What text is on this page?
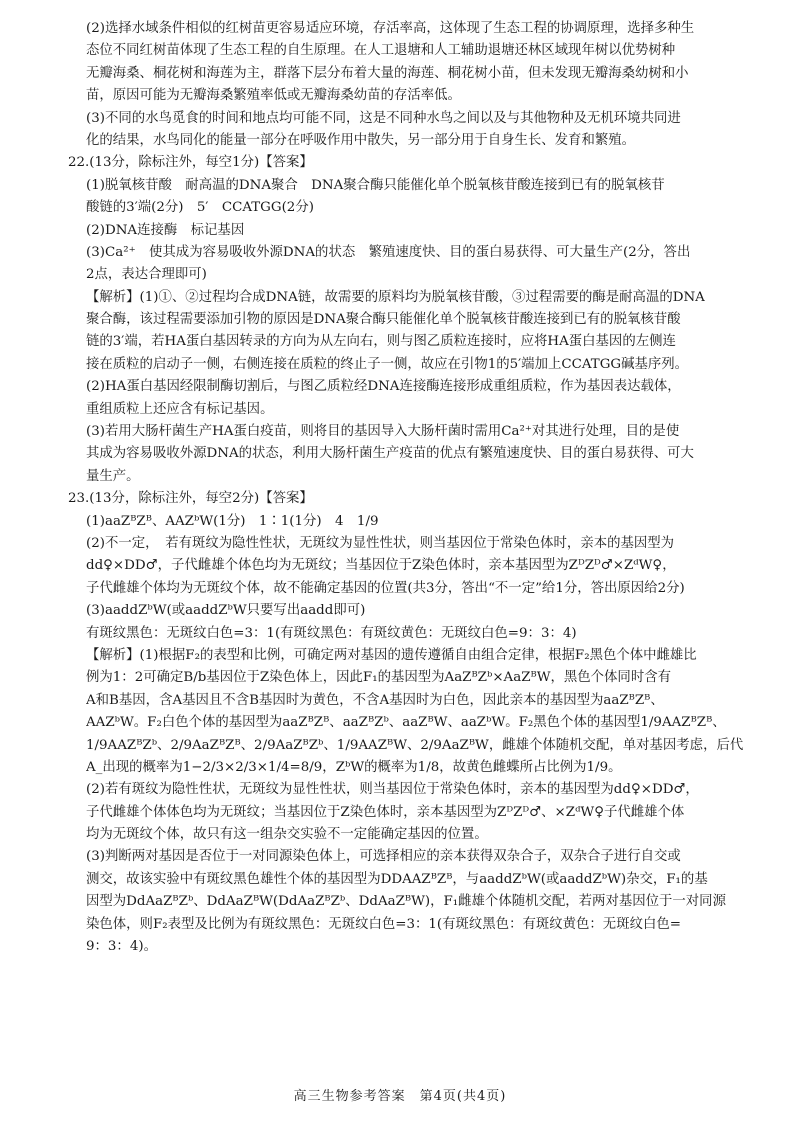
(2)选择水域条件相似的红树苗更容易适应环境，存活率高，这体现了生态工程的协调原理，选择多种生
态位不同红树苗体现了生态工程的自生原理。在人工退塘和人工辅助退塘还林区域现年树以优势树种
无瓣海桑、桐花树和海莲为主，群落下层分布着大量的海莲、桐花树小苗，但未发现无瓣海桑幼树和小
苗，原因可能为无瓣海桑繁殖率低或无瓣海桑幼苗的存活率低。
(3)不同的水鸟觅食的时间和地点均可能不同，这是不同种水鸟之间以及与其他物种及无机环境共同进
化的结果，水鸟同化的能量一部分在呼吸作用中散失，另一部分用于自身生长、发育和繁殖。
22.(13分，除标注外，每空1分)【答案】
(1)脱氧核苷酸　耐高温的DNA聚合　DNA聚合酶只能催化单个脱氧核苷酸连接到已有的脱氧核苷
酸链的3′端(2分)　5′　CCATGG(2分)
(2)DNA连接酶　标记基因
(3)Ca²⁺　使其成为容易吸收外源DNA的状态　繁殖速度快、目的蛋白易获得、可大量生产(2分，答出
2点，表达合理即可)
【解析】(1)①、②过程均合成DNA链，故需要的原料均为脱氧核苷酸，③过程需要的酶是耐高温的DNA
聚合酶，该过程需要添加引物的原因是DNA聚合酶只能催化单个脱氧核苷酸连接到已有的脱氧核苷酸
链的3′端，若HA蛋白基因转录的方向为从左向右，则与图乙质粒连接时，应将HA蛋白基因的左侧连
接在质粒的启动子一侧，右侧连接在质粒的终止子一侧，故应在引物1的5′端加上CCATGG碱基序列。
(2)HA蛋白基因经限制酶切割后，与图乙质粒经DNA连接酶连接形成重组质粒，作为基因表达载体，
重组质粒上还应含有标记基因。
(3)若用大肠杆菌生产HA蛋白疫苗，则将目的基因导入大肠杆菌时需用Ca²⁺对其进行处理，目的是使
其成为容易吸收外源DNA的状态，利用大肠杆菌生产疫苗的优点有繁殖速度快、目的蛋白易获得、可大
量生产。
23.(13分，除标注外，每空2分)【答案】
(1)aaZᴮZᴮ、AAZᵇW(1分)　1∶1(1分)　4　1/9
(2)不一定，　若有斑纹为隐性性状，无斑纹为显性性状，则当基因位于常染色体时，亲本的基因型为
dd♀×DD♂，子代雌雄个体色均为无斑纹；当基因位于Z染色体时，亲本基因型为ZᴰZᴰ♂×ZᵈW♀，
子代雌雄个体均为无斑纹个体，故不能确定基因的位置(共3分，答出“不一定”给1分，答出原因给2分)
(3)aaddZᵇW(或aaddZᵇW只要写出aadd即可)
有斑纹黑色：无斑纹白色=3：1(有斑纹黑色：有斑纹黄色：无斑纹白色=9：3：4)
【解析】(1)根据F₂的表型和比例，可确定两对基因的遗传遵循自由组合定律，根据F₂黑色个体中雌雄比
例为1：2可确定B/b基因位于Z染色体上，因此F₁的基因型为AaZᴮZᵇ×AaZᴮW，黑色个体同时含有
A和B基因，含A基因且不含B基因时为黄色，不含A基因时为白色，因此亲本的基因型为aaZᴮZᴮ、
AAZᵇW。F₂白色个体的基因型为aaZᴮZᴮ、aaZᴮZᵇ、aaZᴮW、aaZᵇW。F₂黑色个体的基因型1/9AAZᴮZᴮ、
1/9AAZᴮZᵇ、2/9AaZᴮZᴮ、2/9AaZᴮZᵇ、1/9AAZᴮW、2/9AaZᴮW，雌雄个体随机交配，单对基因考虑，后代
A_出现的概率为1−2/3×2/3×1/4=8/9，ZᵇW的概率为1/8，故黄色雌蝶所占比例为1/9。
(2)若有斑纹为隐性性状，无斑纹为显性性状，则当基因位于常染色体时，亲本的基因型为dd♀×DD♂，
子代雌雄个体体色均为无斑纹；当基因位于Z染色体时，亲本基因型为ZᴰZᴰ♂、×ZᵈW♀子代雌雄个体
均为无斑纹个体，故只有这一组杂交实验不一定能确定基因的位置。
(3)判断两对基因是否位于一对同源染色体上，可选择相应的亲本获得双杂合子，双杂合子进行自交或
测交，故该实验中有斑纹黑色雄性个体的基因型为DDAAZᴮZᴮ，与aaddZᵇW(或aaddZᵇW)杂交，F₁的基
因型为DdAaZᴮZᵇ、DdAaZᴮW(DdAaZᴮZᵇ、DdAaZᴮW)，F₁雌雄个体随机交配，若两对基因位于一对同源
染色体，则F₂表型及比例为有斑纹黑色：无斑纹白色=3：1(有斑纹黑色：有斑纹黄色：无斑纹白色=
9：3：4)。
高三生物参考答案　第4页(共4页)
